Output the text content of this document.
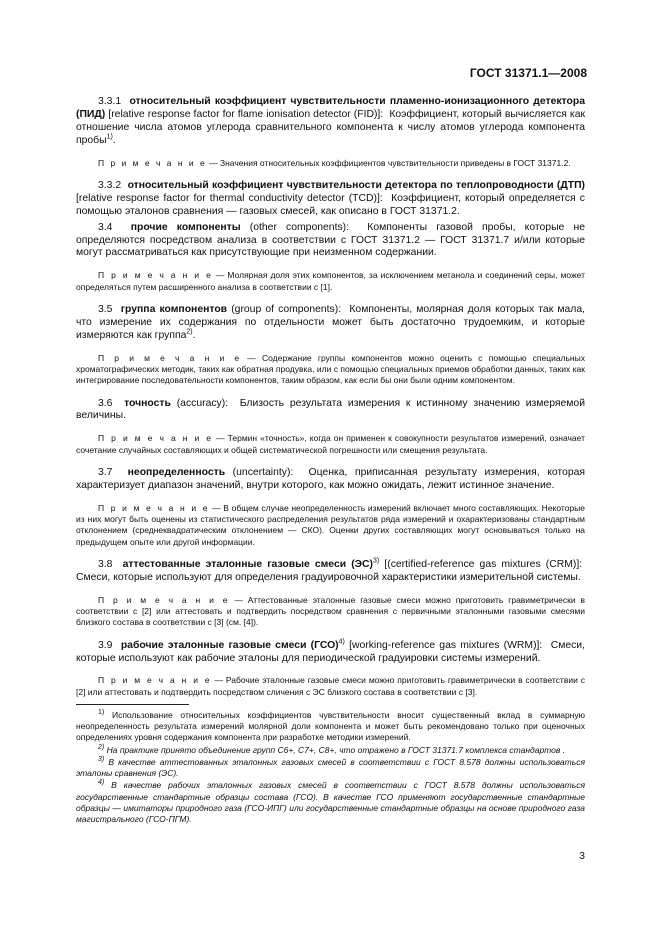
ГОСТ 31371.1—2008

3.3.1 относительный коэффициент чувствительности пламенно-ионизационного детектора (ПИД) [relative response factor for flame ionisation detector (FID)]: Коэффициент, который вычисляется как отношение числа атомов углерода сравнительного компонента к числу атомов углерода компонента пробы$^{1)}$.

П р и м е ч а н и е — Значения относительных коэффициентов чувствительности приведены в ГОСТ 31371.2.

3.3.2 относительный коэффициент чувствительности детектора по теплопроводности (ДТП) [relative response factor for thermal conductivity detector (TCD)]: Коэффициент, который определяется с помощью эталонов сравнения — газовых смесей, как описано в ГОСТ 31371.2.

3.4 прочие компоненты (other components): Компоненты газовой пробы, которые не определяются посредством анализа в соответствии с ГОСТ 31371.2 — ГОСТ 31371.7 и/или которые могут рассматриваться как присутствующие при неизменном содержании.

П р и м е ч а н и е — Молярная доля этих компонентов, за исключением метанола и соединений серы, может определяться путем расширенного анализа в соответствии с [1].

3.5 группа компонентов (group of components): Компоненты, молярная доля которых так мала, что измерение их содержания по отдельности может быть достаточно трудоемким, и которые измеряются как группа$^{2)}$.

П р и м е ч а н и е — Содержание группы компонентов можно оценить с помощью специальных хроматографических методик, таких как обратная продувка, или с помощью специальных приемов обработки данных, таких как интегрирование последовательности компонентов, таким образом, как если бы они были одним компонентом.

3.6 точность (accuracy): Близость результата измерения к истинному значению измеряемой величины.

П р и м е ч а н и е — Термин «точность», когда он применен к совокупности результатов измерений, означает сочетание случайных составляющих и общей систематической погрешности или смещения результата.

3.7 неопределенность (uncertainty): Оценка, приписанная результату измерения, которая характеризует диапазон значений, внутри которого, как можно ожидать, лежит истинное значение.

П р и м е ч а н и е — В общем случае неопределенность измерений включает много составляющих. Некоторые из них могут быть оценены из статистического распределения результатов ряда измерений и охарактеризованы стандартным отклонением (среднеквадратическим отклонением — СКО). Оценки других составляющих могут основываться только на предыдущем опыте или другой информации.

3.8 аттестованные эталонные газовые смеси (ЭС)$^{3)}$ [(certified-reference gas mixtures (CRM)]:  Смеси, которые используют для определения градуировочной характеристики измерительной системы.

П р и м е ч а н и е — Аттестованные эталонные газовые смеси можно приготовить гравиметрически в соответствии с [2] или аттестовать и подтвердить посредством сравнения с первичными эталонными газовыми смесями близкого состава в соответствии с [3] (см. [4]).

3.9 рабочие эталонные газовые смеси (ГСО)$^{4)}$ [working-reference gas mixtures (WRM)]: Смеси, которые используют как рабочие эталоны для периодической градуировки системы измерений.

П р и м е ч а н и е — Рабочие эталонные газовые смеси можно приготовить гравиметрически в соответствии с [2] или аттестовать и подтвердить посредством сличения с ЭС близкого состава в соответствии с [3].

$^{1)}$ Использование относительных коэффициентов чувствительности вносит существенный вклад в суммарную неопределенность результата измерений молярной доли компонента и может быть рекомендовано только при оценочных определениях уровня содержания компонента при разработке методики измерений.

$^{2)}$ На практике принято объединение групп С6+, С7+, С8+, что отражено в ГОСТ 31371.7 комплекса стандартов .

$^{3)}$ В качестве аттестованных эталонных газовых смесей в соответствии с ГОСТ 8.578 должны использоваться эталоны сравнения (ЭС).

$^{4)}$ В качестве рабочих эталонных газовых смесей в соответствии с ГОСТ 8.578 должны использоваться государственные стандартные образцы состава (ГСО). В качестве ГСО применяют государственные стандартные образцы — имитаторы природного газа (ГСО-ИПГ) или государственные стандартные образцы на основе природного газа магистрального (ГСО-ПГМ).

3
